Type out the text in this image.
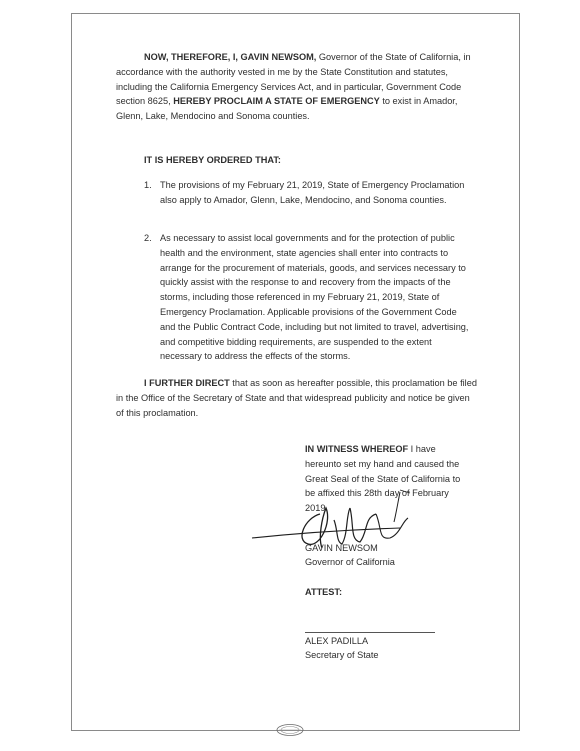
NOW, THEREFORE, I, GAVIN NEWSOM, Governor of the State of California, in accordance with the authority vested in me by the State Constitution and statutes, including the California Emergency Services Act, and in particular, Government Code section 8625, HEREBY PROCLAIM A STATE OF EMERGENCY to exist in Amador, Glenn, Lake, Mendocino and Sonoma counties.

IT IS HEREBY ORDERED THAT:

1. The provisions of my February 21, 2019, State of Emergency Proclamation also apply to Amador, Glenn, Lake, Mendocino, and Sonoma counties.
2. As necessary to assist local governments and for the protection of public health and the environment, state agencies shall enter into contracts to arrange for the procurement of materials, goods, and services necessary to quickly assist with the response to and recovery from the impacts of the storms, including those referenced in my February 21, 2019, State of Emergency Proclamation. Applicable provisions of the Government Code and the Public Contract Code, including but not limited to travel, advertising, and competitive bidding requirements, are suspended to the extent necessary to address the effects of the storms.

I FURTHER DIRECT that as soon as hereafter possible, this proclamation be filed in the Office of the Secretary of State and that widespread publicity and notice be given of this proclamation.

IN WITNESS WHEREOF I have hereunto set my hand and caused the Great Seal of the State of California to be affixed this 28th day of February 2019.

GAVIN NEWSOM

Governor of California

ATTEST:

ALEX PADILLA

Secretary of State
